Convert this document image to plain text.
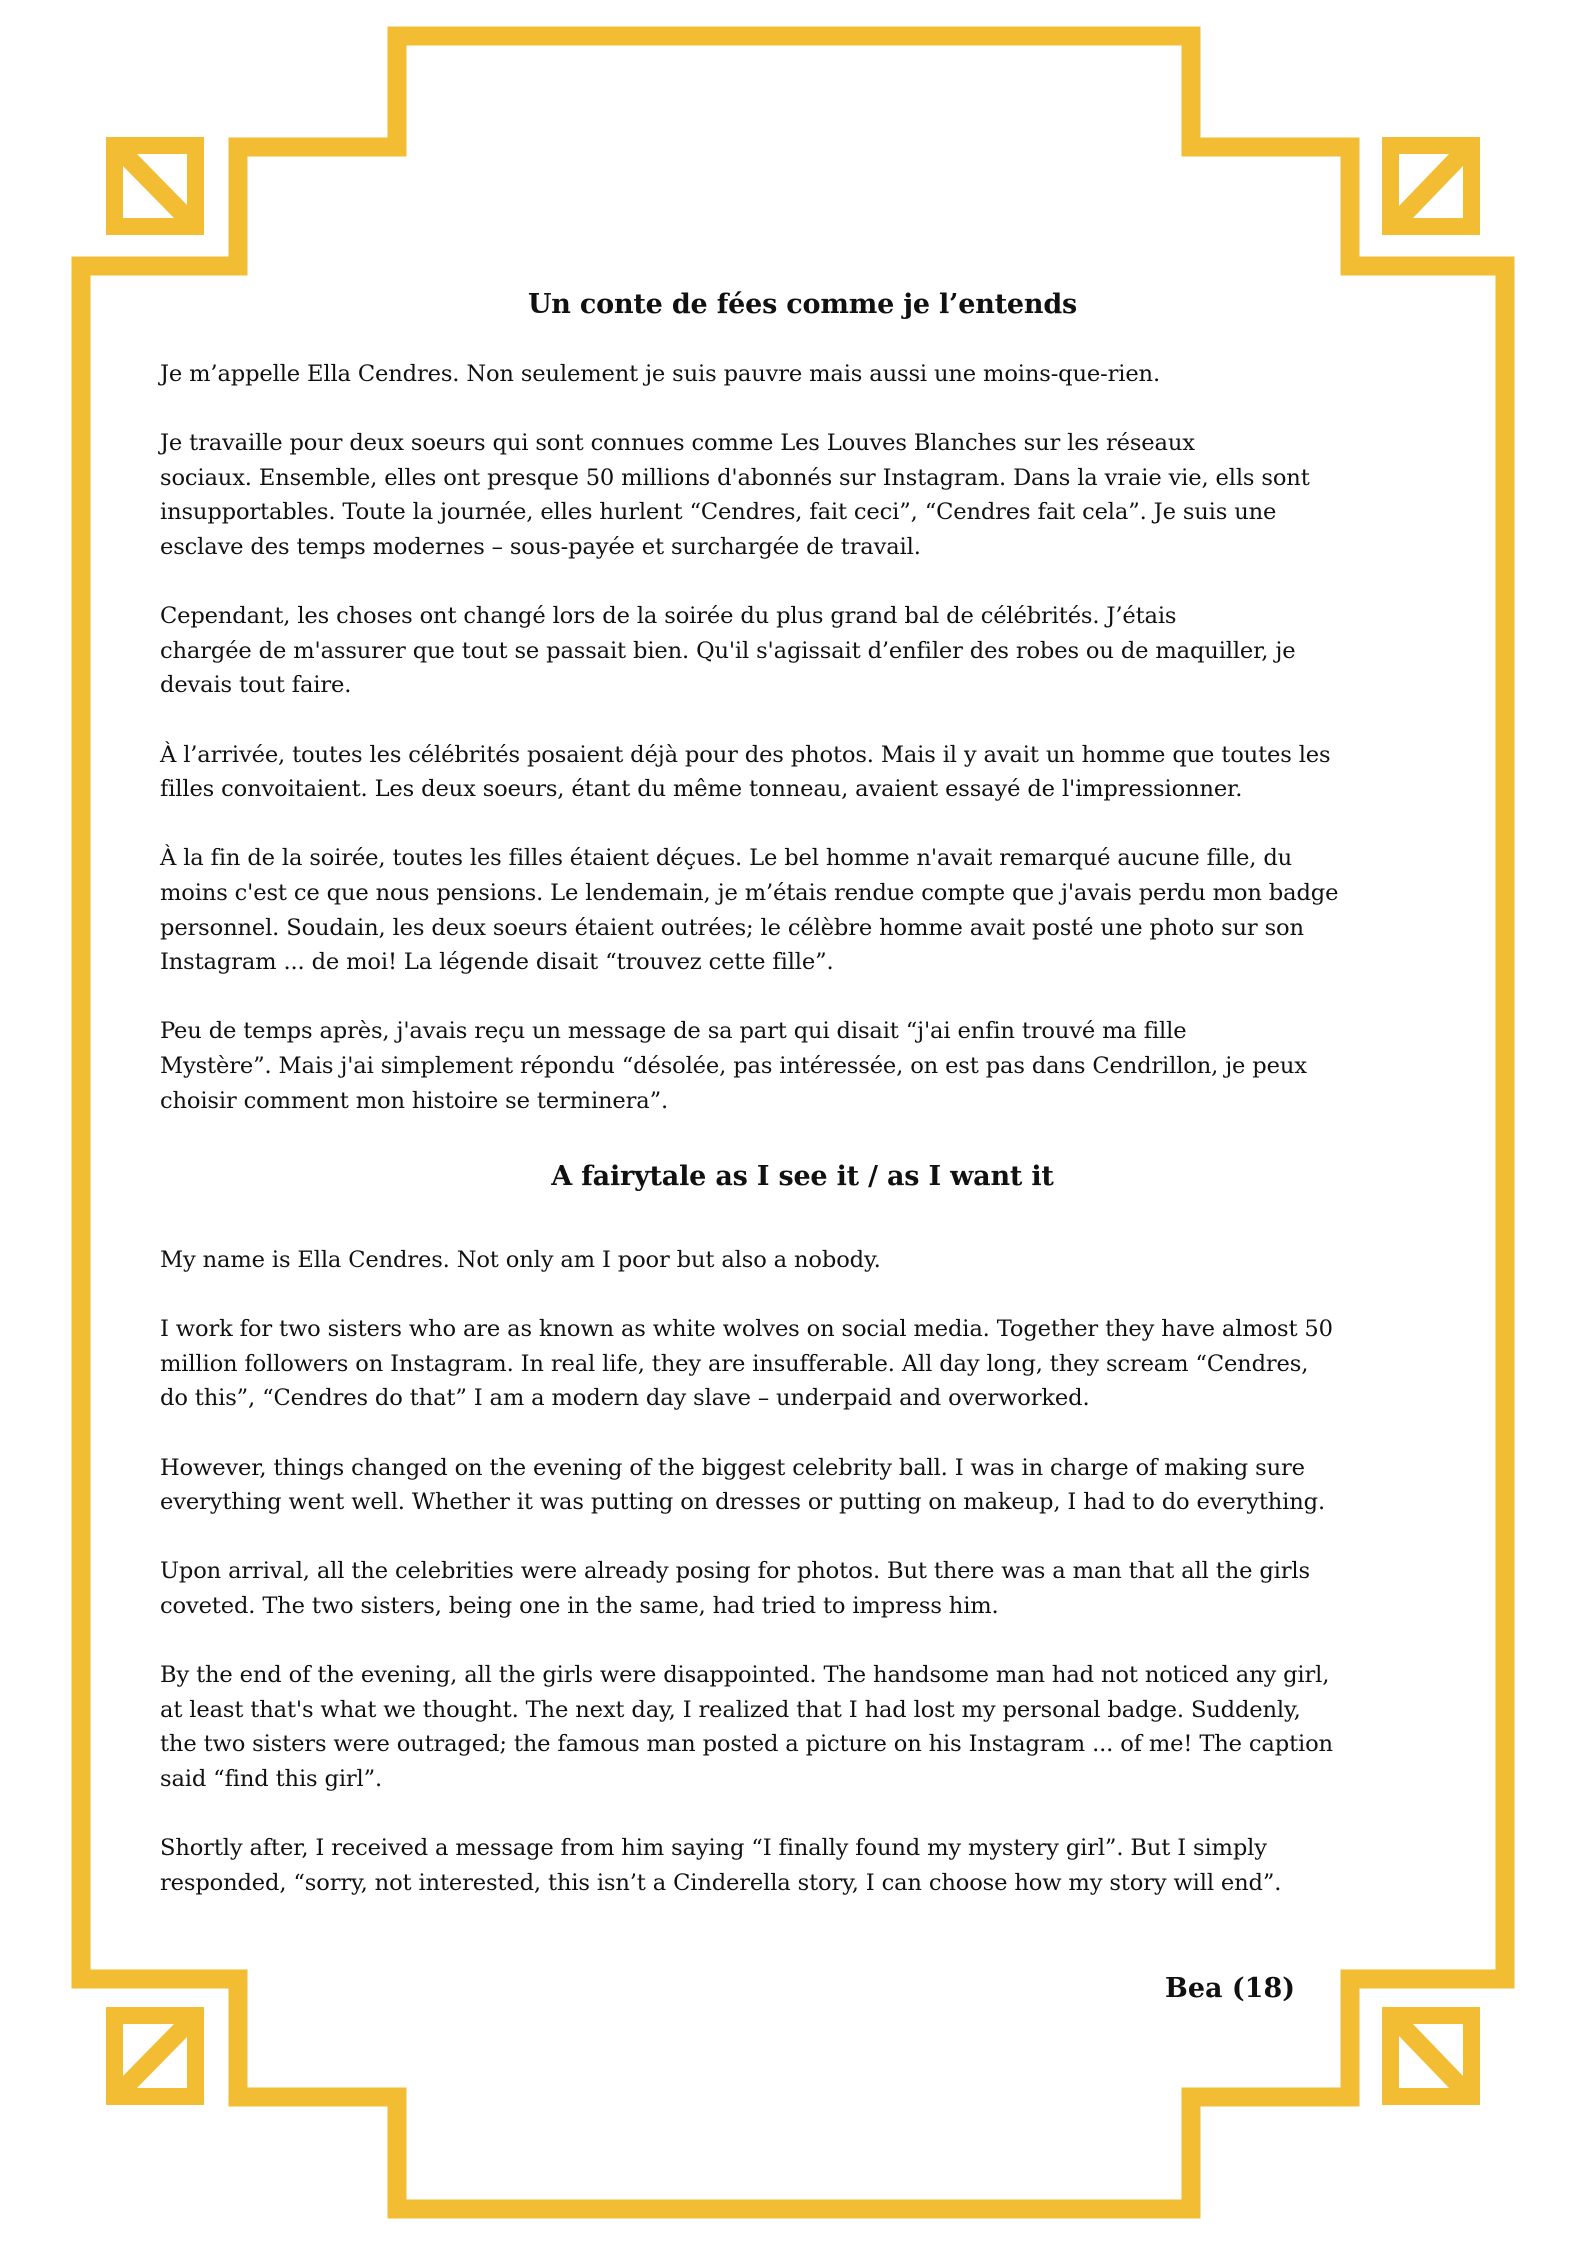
Un conte de fées comme je l’entends

Je m’appelle Ella Cendres. Non seulement je suis pauvre mais aussi une moins-que-rien.

Je travaille pour deux soeurs qui sont connues comme Les Louves Blanches sur les réseaux
sociaux. Ensemble, elles ont presque 50 millions d'abonnés sur Instagram. Dans la vraie vie, ells sont
insupportables. Toute la journée, elles hurlent “Cendres, fait ceci”, “Cendres fait cela”. Je suis une
esclave des temps modernes – sous-payée et surchargée de travail.

Cependant, les choses ont changé lors de la soirée du plus grand bal de célébrités. J’étais
chargée de m'assurer que tout se passait bien. Qu'il s'agissait d’enfiler des robes ou de maquiller, je
devais tout faire.

À l’arrivée, toutes les célébrités posaient déjà pour des photos. Mais il y avait un homme que toutes les
filles convoitaient. Les deux soeurs, étant du même tonneau, avaient essayé de l'impressionner.

À la fin de la soirée, toutes les filles étaient déçues. Le bel homme n'avait remarqué aucune fille, du
moins c'est ce que nous pensions. Le lendemain, je m’étais rendue compte que j'avais perdu mon badge
personnel. Soudain, les deux soeurs étaient outrées; le célèbre homme avait posté une photo sur son
Instagram ... de moi! La légende disait “trouvez cette fille”.

Peu de temps après, j'avais reçu un message de sa part qui disait “j'ai enfin trouvé ma fille
Mystère”. Mais j'ai simplement répondu “désolée, pas intéressée, on est pas dans Cendrillon, je peux
choisir comment mon histoire se terminera”.

A fairytale as I see it / as I want it

My name is Ella Cendres. Not only am I poor but also a nobody.

I work for two sisters who are as known as white wolves on social media. Together they have almost 50
million followers on Instagram. In real life, they are insufferable. All day long, they scream “Cendres,
do this”, “Cendres do that” I am a modern day slave – underpaid and overworked.

However, things changed on the evening of the biggest celebrity ball. I was in charge of making sure
everything went well. Whether it was putting on dresses or putting on makeup, I had to do everything.

Upon arrival, all the celebrities were already posing for photos. But there was a man that all the girls
coveted. The two sisters, being one in the same, had tried to impress him.

By the end of the evening, all the girls were disappointed. The handsome man had not noticed any girl,
at least that's what we thought. The next day, I realized that I had lost my personal badge. Suddenly,
the two sisters were outraged; the famous man posted a picture on his Instagram ... of me! The caption
said “find this girl”.

Shortly after, I received a message from him saying “I finally found my mystery girl”. But I simply
responded, “sorry, not interested, this isn’t a Cinderella story, I can choose how my story will end”.

Bea (18)
